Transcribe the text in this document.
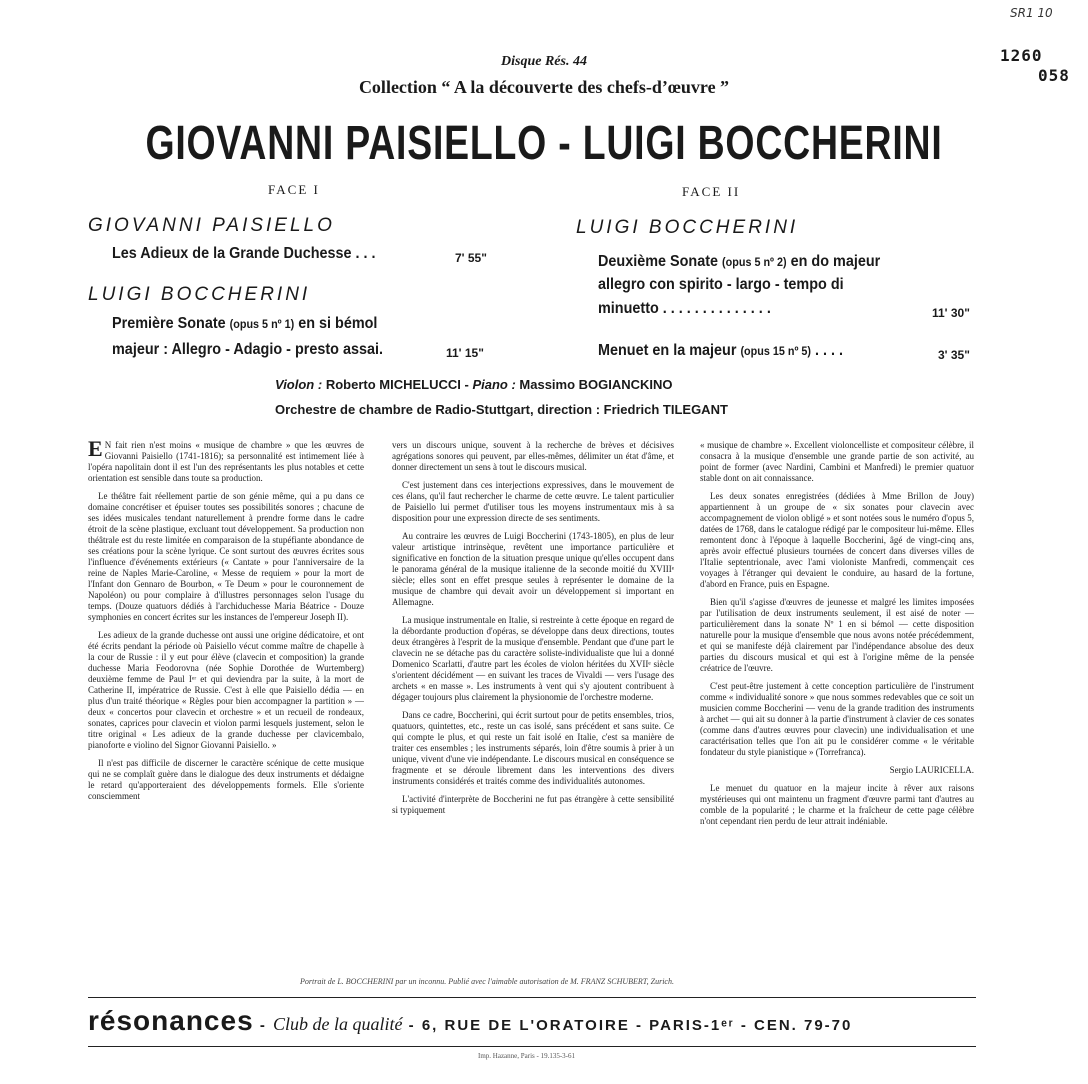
SR1 10
1260
058
Disque Rés. 44
Collection “ A la découverte des chefs-d’œuvre ”
GIOVANNI PAISIELLO - LUIGI BOCCHERINI
FACE I
GIOVANNI PAISIELLO
Les Adieux de la Grande Duchesse . . .	7' 55"
LUIGI BOCCHERINI
Première Sonate (opus 5 nº 1) en si bémol
majeur : Allegro - Adagio - presto assai.	11' 15"
FACE II
LUIGI BOCCHERINI
Deuxième Sonate (opus 5 nº 2) en do majeur
allegro con spirito - largo - tempo di
minuetto . . . . . . . . . . . . . .	11' 30"
Menuet en la majeur (opus 15 nº 5) . . . .	3' 35"
Violon : Roberto MICHELUCCI - Piano : Massimo BOGIANCKINO
Orchestre de chambre de Radio-Stuttgart, direction : Friedrich TILEGANT

E N fait rien n'est moins « musique de chambre » que les œuvres de Giovanni Paisiello (1741-1816); sa personnalité est intimement liée à l'opéra napolitain dont il est l'un des représentants les plus notables et cette orientation est sensible dans toute sa production.

Le théâtre fait réellement partie de son génie même, qui a pu dans ce domaine concrétiser et épuiser toutes ses possibilités sonores ; chacune de ses idées musicales tendant naturellement à prendre forme dans le cadre étroit de la scène plastique, excluant tout développement. Sa production non théâtrale est du reste limitée en comparaison de la stupéfiante abondance de ses créations pour la scène lyrique. Ce sont surtout des œuvres écrites sous l'influence d'événements extérieurs (« Cantate » pour l'anniversaire de la reine de Naples Marie-Caroline, « Messe de requiem » pour la mort de l'Infant don Gennaro de Bourbon, « Te Deum » pour le couronnement de Napoléon) ou pour complaire à d'illustres personnages selon l'usage du temps. (Douze quatuors dédiés à l'archiduchesse Maria Béatrice - Douze symphonies en concert écrites sur les instances de l'empereur Joseph II).

Les adieux de la grande duchesse ont aussi une origine dédicatoire, et ont été écrits pendant la période où Paisiello vécut comme maître de chapelle à la cour de Russie : il y eut pour élève (clavecin et composition) la grande duchesse Maria Feodorovna (née Sophie Dorothée de Wurtemberg) deuxième femme de Paul Iᵉʳ et qui deviendra par la suite, à la mort de Catherine II, impératrice de Russie. C'est à elle que Paisiello dédia — en plus d'un traité théorique « Règles pour bien accompagner la partition » — deux « concertos pour clavecin et orchestre » et un recueil de rondeaux, sonates, caprices pour clavecin et violon parmi lesquels justement, selon le titre original « Les adieux de la grande duchesse per clavicembalo, pianoforte e violino del Signor Giovanni Paisiello. »

Il n'est pas difficile de discerner le caractère scénique de cette musique qui ne se complaît guère dans le dialogue des deux instruments et dédaigne le retard qu'apporteraient des développements formels. Elle s'oriente consciemment

vers un discours unique, souvent à la recherche de brèves et décisives agrégations sonores qui peuvent, par elles-mêmes, délimiter un état d'âme, et donner directement un sens à tout le discours musical.

C'est justement dans ces interjections expressives, dans le mouvement de ces élans, qu'il faut rechercher le charme de cette œuvre. Le talent particulier de Paisiello lui permet d'utiliser tous les moyens instrumentaux mis à sa disposition pour une expression directe de ses sentiments.

Au contraire les œuvres de Luigi Boccherini (1743-1805), en plus de leur valeur artistique intrinsèque, revêtent une importance particulière et significative en fonction de la situation presque unique qu'elles occupent dans le panorama général de la musique italienne de la seconde moitié du XVIIIᵉ siècle; elles sont en effet presque seules à représenter le domaine de la musique de chambre qui devait avoir un développement si important en Allemagne.

La musique instrumentale en Italie, si restreinte à cette époque en regard de la débordante production d'opéras, se développe dans deux directions, toutes deux étrangères à l'esprit de la musique d'ensemble. Pendant que d'une part le clavecin ne se détache pas du caractère soliste-individualiste que lui a donné Domenico Scarlatti, d'autre part les écoles de violon héritées du XVIIᵉ siècle s'orientent décidément — en suivant les traces de Vivaldi — vers l'usage des archets « en masse ». Les instruments à vent qui s'y ajoutent contribuent à dégager toujours plus clairement la physionomie de l'orchestre moderne.

Dans ce cadre, Boccherini, qui écrit surtout pour de petits ensembles, trios, quatuors, quintettes, etc., reste un cas isolé, sans précédent et sans suite. Ce qui compte le plus, et qui reste un fait isolé en Italie, c'est sa manière de traiter ces ensembles ; les instruments séparés, loin d'être soumis à prier à un unique, vivent d'une vie indépendante. Le discours musical en conséquence se fragmente et se déroule librement dans les interventions des divers instruments considérés et traités comme des individualités autonomes.

L'activité d'interprète de Boccherini ne fut pas étrangère à cette sensibilité si typiquement

« musique de chambre ». Excellent violoncelliste et compositeur célèbre, il consacra à la musique d'ensemble une grande partie de son activité, au point de former (avec Nardini, Cambini et Manfredi) le premier quatuor stable dont on ait connaissance.

Les deux sonates enregistrées (dédiées à Mme Brillon de Jouy) appartiennent à un groupe de « six sonates pour clavecin avec accompagnement de violon obligé » et sont notées sous le numéro d'opus 5, datées de 1768, dans le catalogue rédigé par le compositeur lui-même. Elles remontent donc à l'époque à laquelle Boccherini, âgé de vingt-cinq ans, après avoir effectué plusieurs tournées de concert dans diverses villes de l'Italie septentrionale, avec l'ami violoniste Manfredi, commençait ces voyages à l'étranger qui devaient le conduire, au hasard de la fortune, d'abord en France, puis en Espagne.

Bien qu'il s'agisse d'œuvres de jeunesse et malgré les limites imposées par l'utilisation de deux instruments seulement, il est aisé de noter — particulièrement dans la sonate Nº 1 en si bémol — cette disposition naturelle pour la musique d'ensemble que nous avons notée précédemment, et qui se manifeste déjà clairement par l'indépendance absolue des deux parties du discours musical et qui est à l'origine même de la pensée créatrice de l'œuvre.

C'est peut-être justement à cette conception particulière de l'instrument comme « individualité sonore » que nous sommes redevables que ce soit un musicien comme Boccherini — venu de la grande tradition des instruments à archet — qui ait su donner à la partie d'instrument à clavier de ces sonates (comme dans d'autres œuvres pour clavecin) une individualisation et une caractérisation telles que l'on ait pu le considérer comme « le véritable fondateur du style pianistique » (Torrefranca).

Sergio LAURICELLA.

Le menuet du quatuor en la majeur incite à rêver aux raisons mystérieuses qui ont maintenu un fragment d'œuvre parmi tant d'autres au comble de la popularité ; le charme et la fraîcheur de cette page célèbre n'ont cependant rien perdu de leur attrait indéniable.

Portrait de L. BOCCHERINI par un inconnu. Publié avec l'aimable autorisation de M. FRANZ SCHUBERT, Zurich.
résonances - Club de la qualité - 6, RUE DE L'ORATOIRE - PARIS-1ᵉʳ - CEN. 79-70
Imp. Hazanne, Paris - 19.135-3-61
